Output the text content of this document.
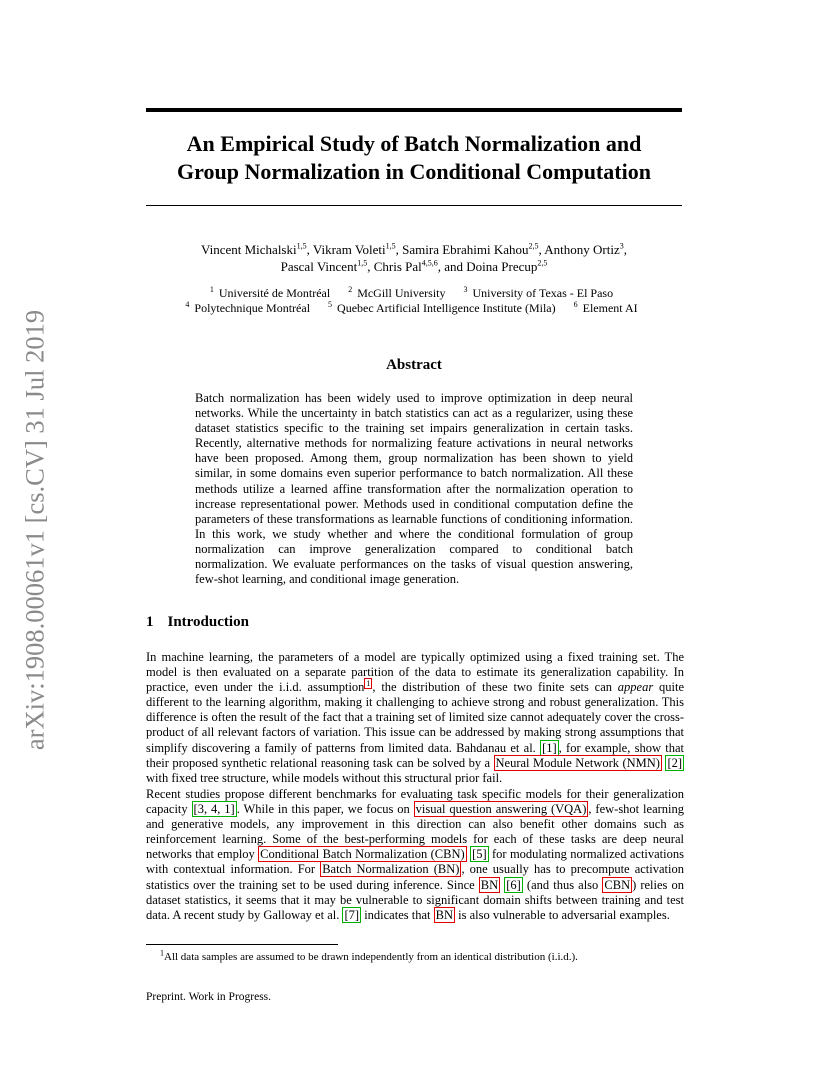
arXiv:1908.00061v1 [cs.CV] 31 Jul 2019
An Empirical Study of Batch Normalization and
Group Normalization in Conditional Computation
Vincent Michalski$^{1,5}$, Vikram Voleti$^{1,5}$, Samira Ebrahimi Kahou$^{2,5}$, Anthony Ortiz$^3$,
Pascal Vincent$^{1,5}$, Chris Pal$^{4,5,6}$, and Doina Precup$^{2,5}$
$^1$ Université de Montréal $^2$ McGill University $^3$ University of Texas - El Paso
$^4$ Polytechnique Montréal $^5$ Quebec Artificial Intelligence Institute (Mila) $^6$ Element AI
Abstract
Batch normalization has been widely used to improve optimization in deep neural networks. While the uncertainty in batch statistics can act as a regularizer, using these dataset statistics specific to the training set impairs generalization in certain tasks. Recently, alternative methods for normalizing feature activations in neural networks have been proposed. Among them, group normalization has been shown to yield similar, in some domains even superior performance to batch normalization. All these methods utilize a learned affine transformation after the normalization operation to increase representational power. Methods used in conditional computation define the parameters of these transformations as learnable functions of conditioning information. In this work, we study whether and where the conditional formulation of group normalization can improve generalization compared to conditional batch normalization. We evaluate performances on the tasks of visual question answering, few-shot learning, and conditional image generation.
1 Introduction
In machine learning, the parameters of a model are typically optimized using a fixed training set. The model is then evaluated on a separate partition of the data to estimate its generalization capability. In practice, even under the i.i.d. assumption $^1$ , the distribution of these two finite sets can appear quite different to the learning algorithm, making it challenging to achieve strong and robust generalization. This difference is often the result of the fact that a training set of limited size cannot adequately cover the cross-product of all relevant factors of variation. This issue can be addressed by making strong assumptions that simplify discovering a family of patterns from limited data. Bahdanau et al. [1] , for example, show that their proposed synthetic relational reasoning task can be solved by a Neural Module Network (NMN) [2] with fixed tree structure, while models without this structural prior fail.
Recent studies propose different benchmarks for evaluating task specific models for their generalization capacity [3, 4, 1] . While in this paper, we focus on visual question answering (VQA) , few-shot learning and generative models, any improvement in this direction can also benefit other domains such as reinforcement learning. Some of the best-performing models for each of these tasks are deep neural networks that employ Conditional Batch Normalization (CBN) [5] for modulating normalized activations with contextual information. For Batch Normalization (BN) , one usually has to precompute activation statistics over the training set to be used during inference. Since BN [6] (and thus also CBN ) relies on dataset statistics, it seems that it may be vulnerable to significant domain shifts between training and test data. A recent study by Galloway et al. [7] indicates that BN is also vulnerable to adversarial examples.
$^1$All data samples are assumed to be drawn independently from an identical distribution (i.i.d.).
Preprint. Work in Progress.
